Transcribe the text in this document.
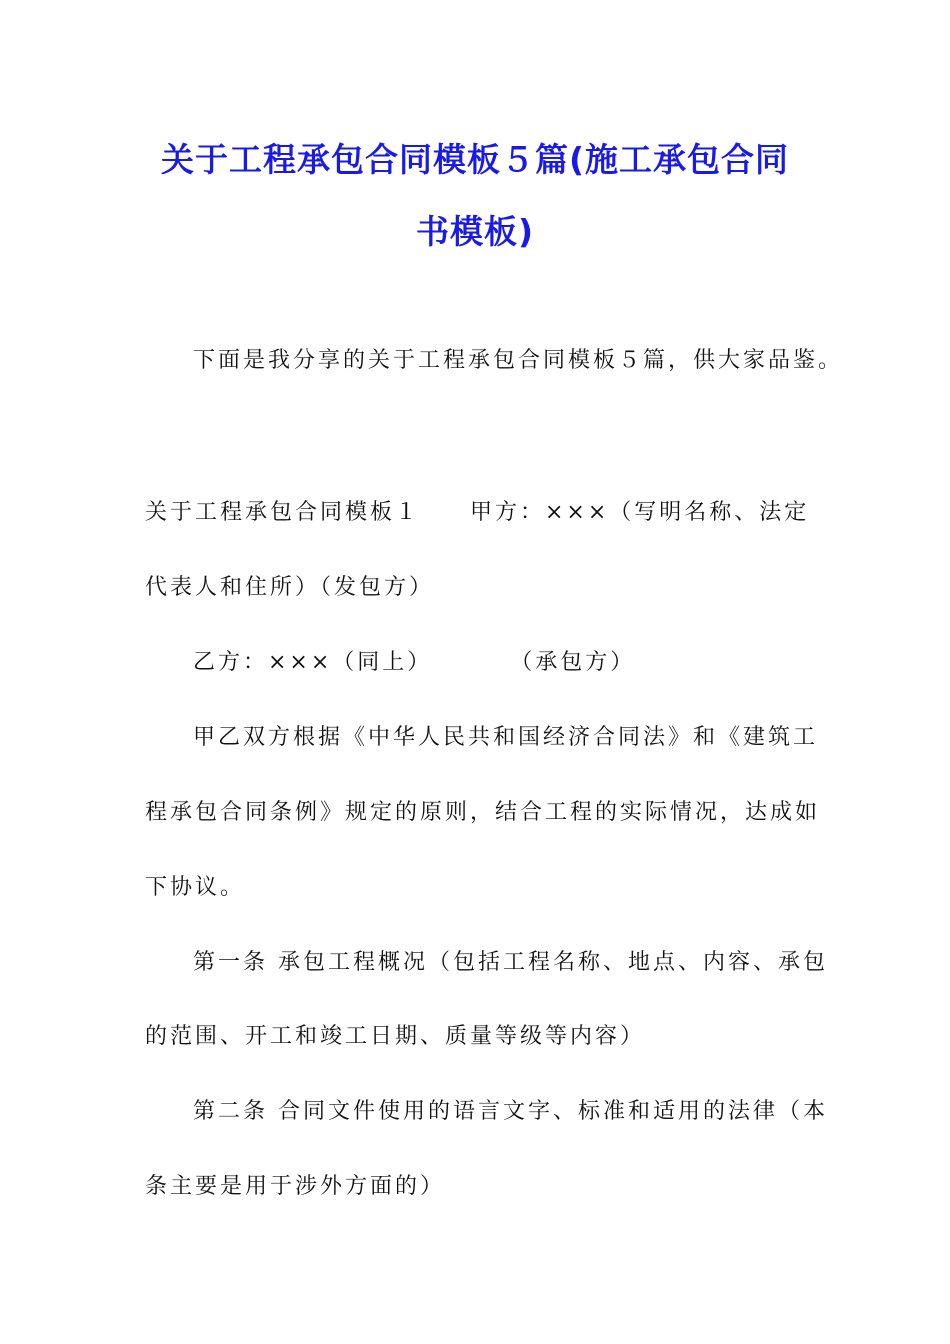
关于工程承包合同模板５篇(施工承包合同
书模板)
下面是我分享的关于工程承包合同模板５篇，供大家品鉴。
关于工程承包合同模板１　　甲方：×××（写明名称、法定
代表人和住所）（发包方）
乙方：×××（同上）　　　　（承包方）
甲乙双方根据《中华人民共和国经济合同法》和《建筑工
程承包合同条例》规定的原则，结合工程的实际情况，达成如
下协议。
第一条 承包工程概况（包括工程名称、地点、内容、承包
的范围、开工和竣工日期、质量等级等内容）
第二条 合同文件使用的语言文字、标准和适用的法律（本
条主要是用于涉外方面的）
